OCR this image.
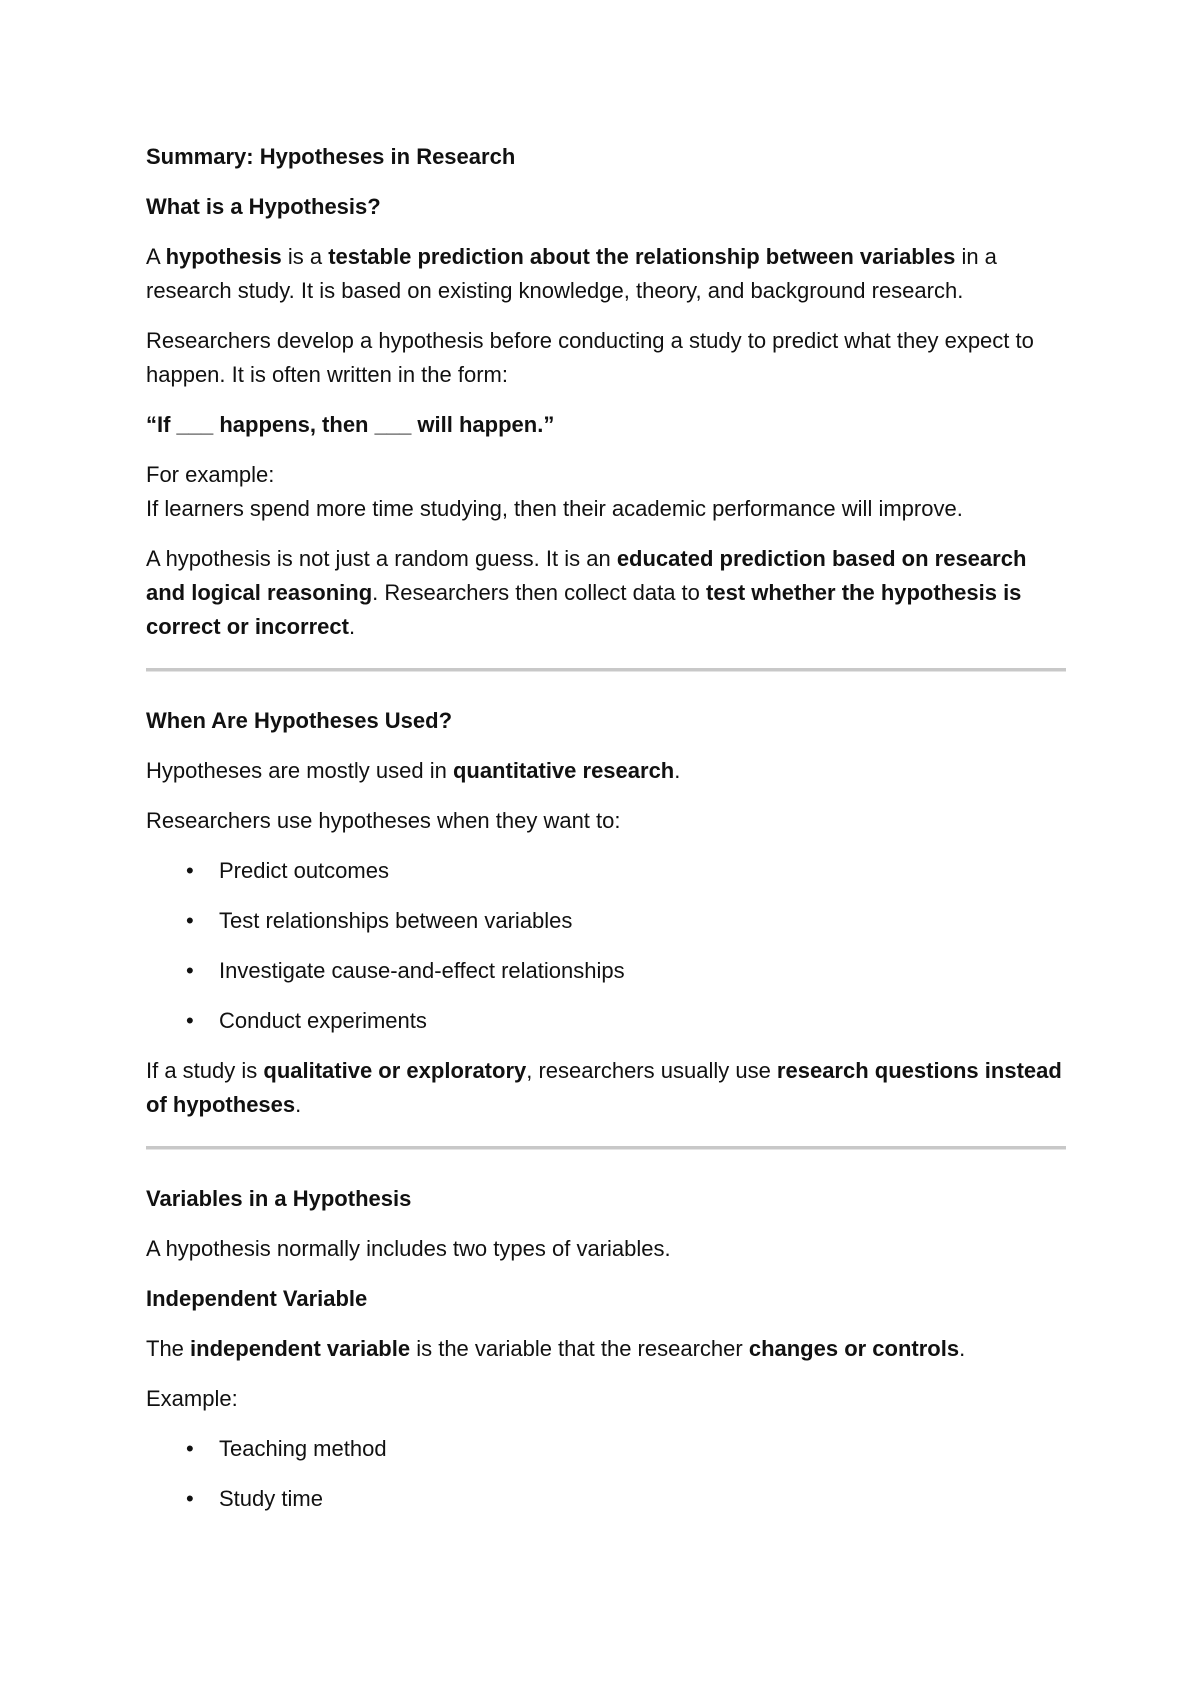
Summary: Hypotheses in Research

What is a Hypothesis?

A hypothesis is a testable prediction about the relationship between variables in a research study. It is based on existing knowledge, theory, and background research.

Researchers develop a hypothesis before conducting a study to predict what they expect to happen. It is often written in the form:

“If ___ happens, then ___ will happen.”

For example:
If learners spend more time studying, then their academic performance will improve.

A hypothesis is not just a random guess. It is an educated prediction based on research and logical reasoning. Researchers then collect data to test whether the hypothesis is correct or incorrect.

When Are Hypotheses Used?

Hypotheses are mostly used in quantitative research.

Researchers use hypotheses when they want to:

• Predict outcomes
• Test relationships between variables
• Investigate cause-and-effect relationships
• Conduct experiments

If a study is qualitative or exploratory, researchers usually use research questions instead of hypotheses.

Variables in a Hypothesis

A hypothesis normally includes two types of variables.

Independent Variable

The independent variable is the variable that the researcher changes or controls.

Example:

• Teaching method
• Study time
